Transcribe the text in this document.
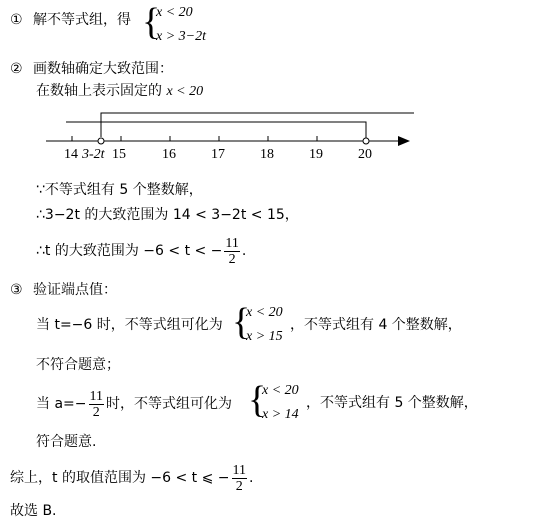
① 解不等式组，得 {
x < 20
x > 3−2t
② 画数轴确定大致范围：
在数轴上表示固定的 x < 20
14 3-2t 15	16	17	18	19	20
∵不等式组有 5 个整数解，
∴3−2t 的大致范围为 14 < 3−2t < 15，
∴t 的大致范围为 −6 < t < − $\frac{11}{2}$ .
③ 验证端点值：
当 t=−6 时，不等式组可化为 {
x < 20
x > 15
，不等式组有 4 个整数解，
不符合题意；
当 $a=- \frac{11}{2}$ 时，不等式组可化为 {
x < 20
x > 14
，不等式组有 5 个整数解，
符合题意.
综上，t 的取值范围为 −6 < t ⩽ − $\frac{11}{2}$ .
故选 B.
